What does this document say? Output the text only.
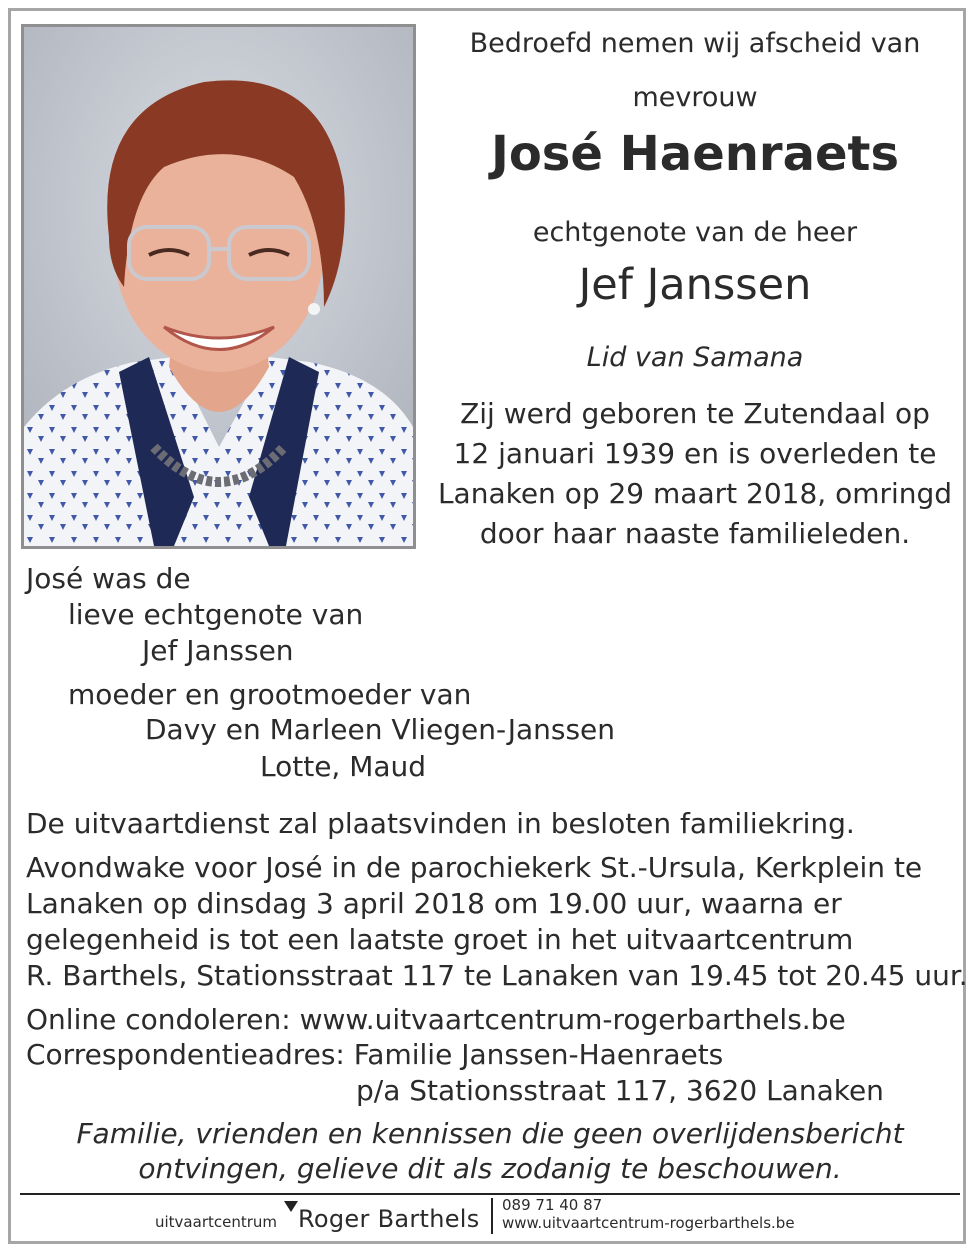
Bedroefd nemen wij afscheid van
mevrouw
José Haenraets
echtgenote van de heer
Jef Janssen
Lid van Samana
Zij werd geboren te Zutendaal op
12 januari 1939 en is overleden te
Lanaken op 29 maart 2018, omringd
door haar naaste familieleden.
José was de
lieve echtgenote van
Jef Janssen
moeder en grootmoeder van
Davy en Marleen Vliegen-Janssen
Lotte, Maud
De uitvaartdienst zal plaatsvinden in besloten familiekring.
Avondwake voor José in de parochiekerk St.-Ursula, Kerkplein te
Lanaken op dinsdag 3 april 2018 om 19.00 uur, waarna er
gelegenheid is tot een laatste groet in het uitvaartcentrum
R. Barthels, Stationsstraat 117 te Lanaken van 19.45 tot 20.45 uur.
Online condoleren: www.uitvaartcentrum-rogerbarthels.be
Correspondentieadres: Familie Janssen-Haenraets
p/a Stationsstraat 117, 3620 Lanaken
Familie, vrienden en kennissen die geen overlijdensbericht
ontvingen, gelieve dit als zodanig te beschouwen.
uitvaartcentrum Roger Barthels 089 71 40 87
www.uitvaartcentrum-rogerbarthels.be
